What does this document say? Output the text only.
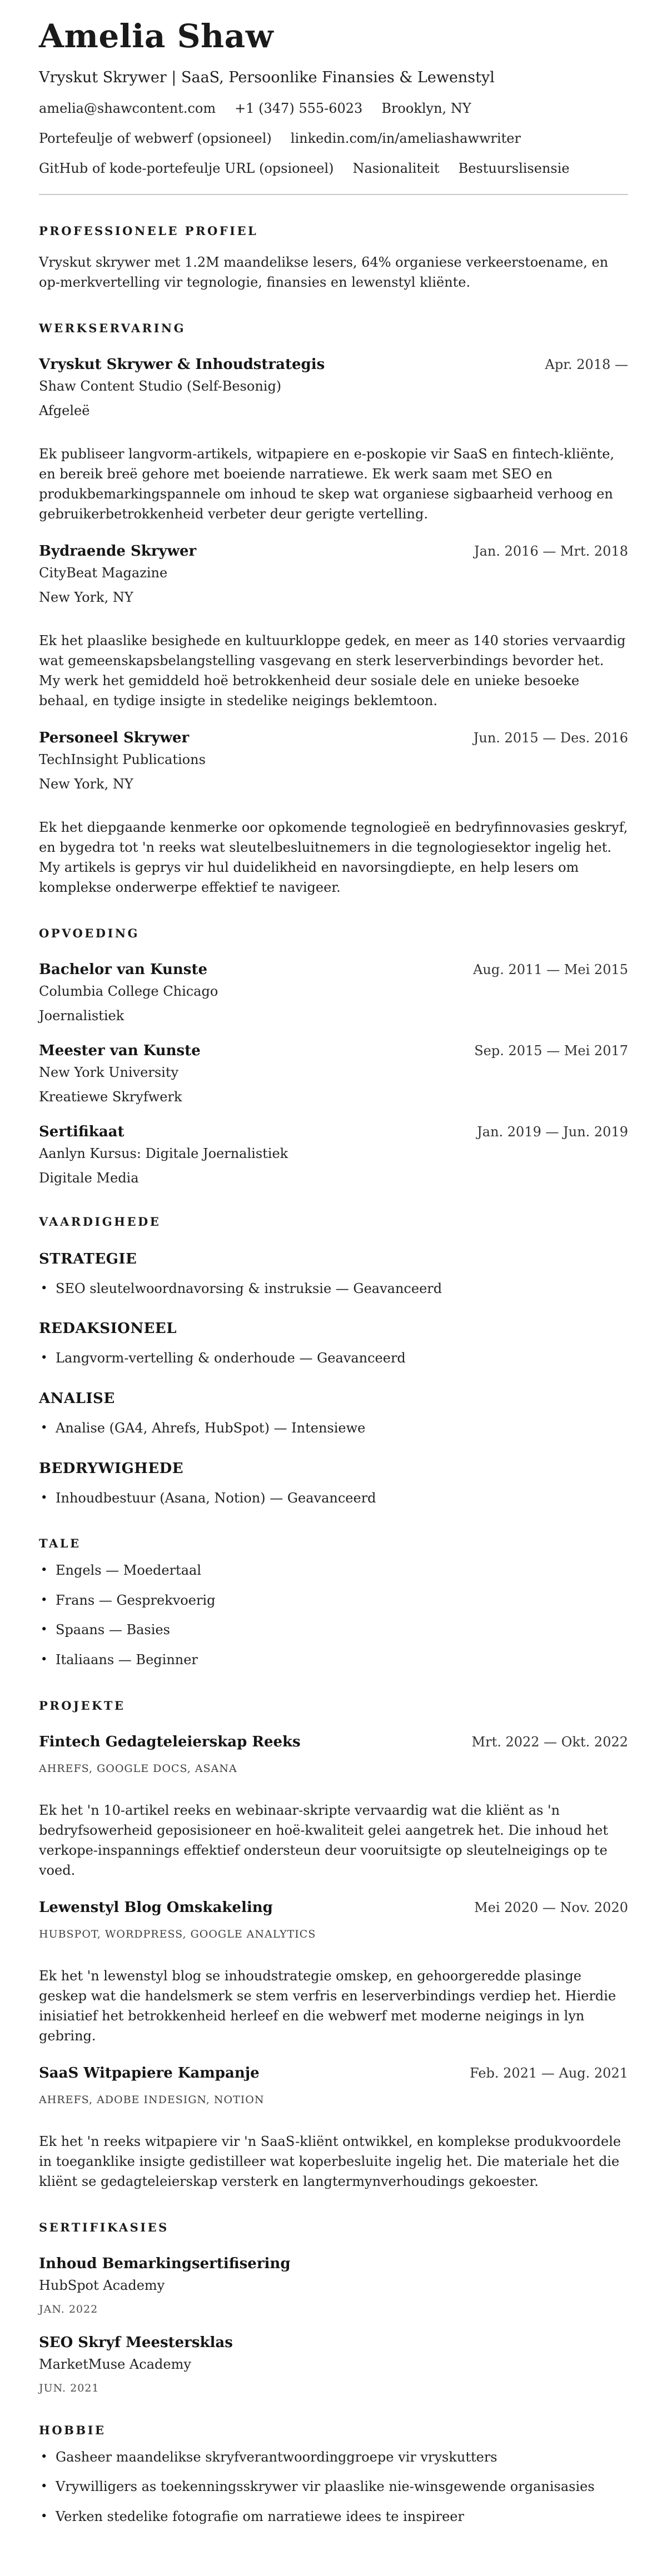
Amelia Shaw
Vryskut Skrywer | SaaS, Persoonlike Finansies & Lewenstyl
amelia@shawcontent.com +1 (347) 555-6023 Brooklyn, NY
Portefeulje of webwerf (opsioneel) linkedin.com/in/ameliashawwriter
GitHub of kode-portefeulje URL (opsioneel) Nasionaliteit Bestuurslisensie
PROFESSIONELE PROFIEL

Vryskut skrywer met 1.2M maandelikse lesers, 64% organiese verkeerstoename, en op-merkvertelling vir tegnologie, finansies en lewenstyl kliënte.

WERKSERVARING
Vryskut Skrywer & Inhoudstrategis	Apr. 2018 —
Shaw Content Studio (Self-Besonig)
Afgeleë

Ek publiseer langvorm-artikels, witpapiere en e-poskopie vir SaaS en fintech-kliënte, en bereik breë gehore met boeiende narratiewe. Ek werk saam met SEO en produkbemarkingspannele om inhoud te skep wat organiese sigbaarheid verhoog en gebruikerbetrokkenheid verbeter deur gerigte vertelling.

Bydraende Skrywer	Jan. 2016 — Mrt. 2018
CityBeat Magazine
New York, NY

Ek het plaaslike besighede en kultuurkloppe gedek, en meer as 140 stories vervaardig wat gemeenskapsbelangstelling vasgevang en sterk leserverbindings bevorder het. My werk het gemiddeld hoë betrokkenheid deur sosiale dele en unieke besoeke behaal, en tydige insigte in stedelike neigings beklemtoon.

Personeel Skrywer	Jun. 2015 — Des. 2016
TechInsight Publications
New York, NY

Ek het diepgaande kenmerke oor opkomende tegnologieë en bedryfinnovasies geskryf, en bygedra tot 'n reeks wat sleutelbesluitnemers in die tegnologiesektor ingelig het. My artikels is geprys vir hul duidelikheid en navorsingdiepte, en help lesers om komplekse onderwerpe effektief te navigeer.

OPVOEDING
Bachelor van Kunste	Aug. 2011 — Mei 2015
Columbia College Chicago
Joernalistiek
Meester van Kunste	Sep. 2015 — Mei 2017
New York University
Kreatiewe Skryfwerk
Sertifikaat	Jan. 2019 — Jun. 2019
Aanlyn Kursus: Digitale Joernalistiek
Digitale Media
VAARDIGHEDE
STRATEGIE
• SEO sleutelwoordnavorsing & instruksie — Geavanceerd
REDAKSIONEEL
• Langvorm-vertelling & onderhoude — Geavanceerd
ANALISE
• Analise (GA4, Ahrefs, HubSpot) — Intensiewe
BEDRYWIGHEDE
• Inhoudbestuur (Asana, Notion) — Geavanceerd
TALE
• Engels — Moedertaal
• Frans — Gesprekvoerig
• Spaans — Basies
• Italiaans — Beginner
PROJEKTE
Fintech Gedagteleierskap Reeks	Mrt. 2022 — Okt. 2022
AHREFS, GOOGLE DOCS, ASANA

Ek het 'n 10-artikel reeks en webinaar-skripte vervaardig wat die kliënt as 'n bedryfsowerheid geposisioneer en hoë-kwaliteit gelei aangetrek het. Die inhoud het verkope-inspannings effektief ondersteun deur vooruitsigte op sleutelneigings op te voed.

Lewenstyl Blog Omskakeling	Mei 2020 — Nov. 2020
HUBSPOT, WORDPRESS, GOOGLE ANALYTICS

Ek het 'n lewenstyl blog se inhoudstrategie omskep, en gehoorgeredde plasinge geskep wat die handelsmerk se stem verfris en leserverbindings verdiep het. Hierdie inisiatief het betrokkenheid herleef en die webwerf met moderne neigings in lyn gebring.

SaaS Witpapiere Kampanje	Feb. 2021 — Aug. 2021
AHREFS, ADOBE INDESIGN, NOTION

Ek het 'n reeks witpapiere vir 'n SaaS-kliënt ontwikkel, en komplekse produkvoordele in toeganklike insigte gedistilleer wat koperbesluite ingelig het. Die materiale het die kliënt se gedagteleierskap versterk en langtermynverhoudings gekoester.

SERTIFIKASIES
Inhoud Bemarkingsertifisering
HubSpot Academy
JAN. 2022
SEO Skryf Meestersklas
MarketMuse Academy
JUN. 2021
HOBBIE
• Gasheer maandelikse skryfverantwoordinggroepe vir vryskutters
• Vrywilligers as toekenningsskrywer vir plaaslike nie-winsgewende organisasies
• Verken stedelike fotografie om narratiewe idees te inspireer
